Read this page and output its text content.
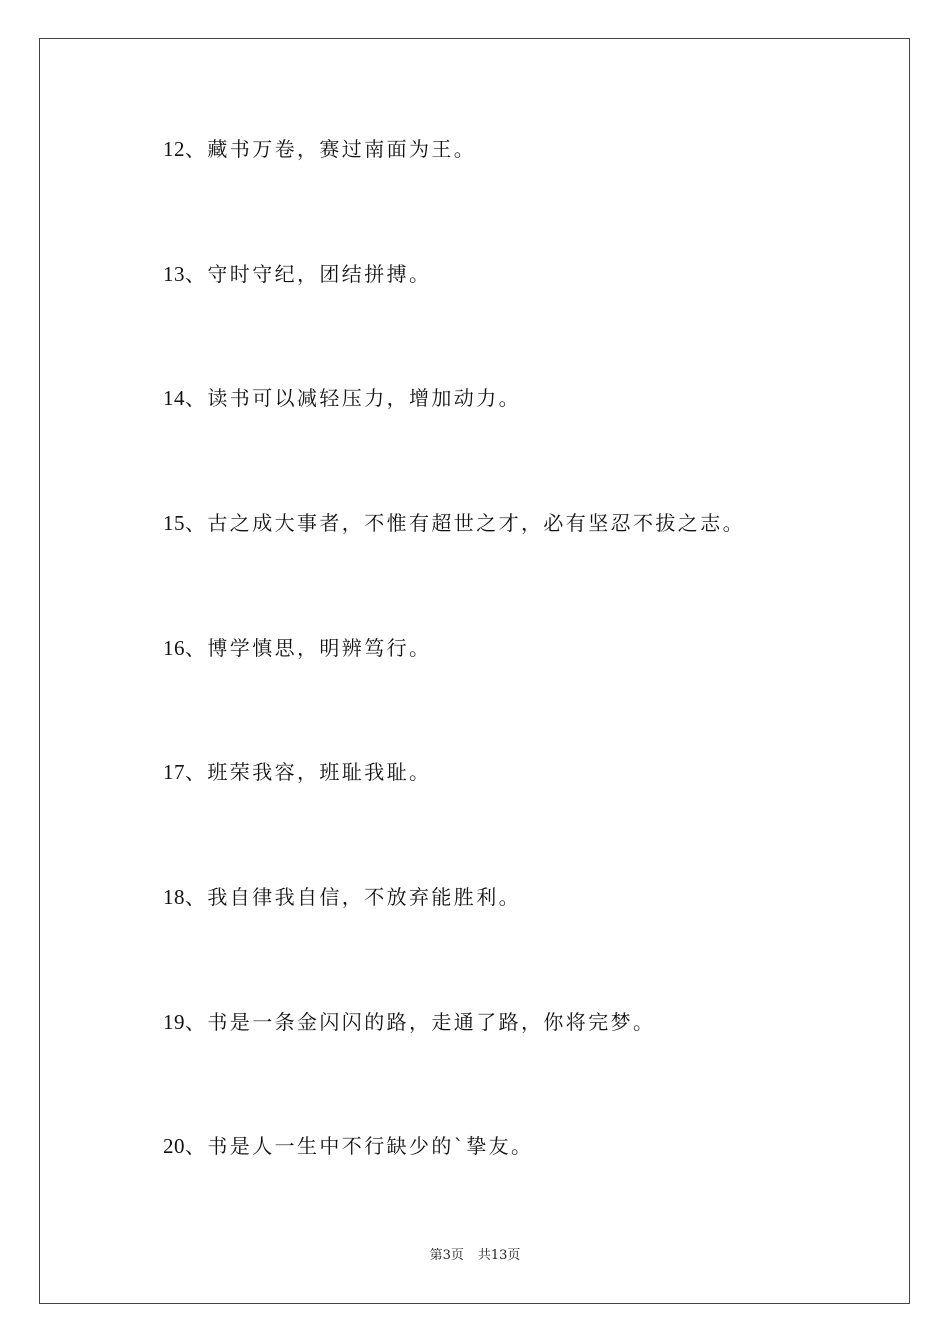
12、藏书万卷，赛过南面为王。
13、守时守纪，团结拼搏。
14、读书可以减轻压力，增加动力。
15、古之成大事者，不惟有超世之才，必有坚忍不拔之志。
16、博学慎思，明辨笃行。
17、班荣我容，班耻我耻。
18、我自律我自信，不放弃能胜利。
19、书是一条金闪闪的路，走通了路，你将完梦。
20、书是人一生中不行缺少的`挚友。
第3页 共13页
